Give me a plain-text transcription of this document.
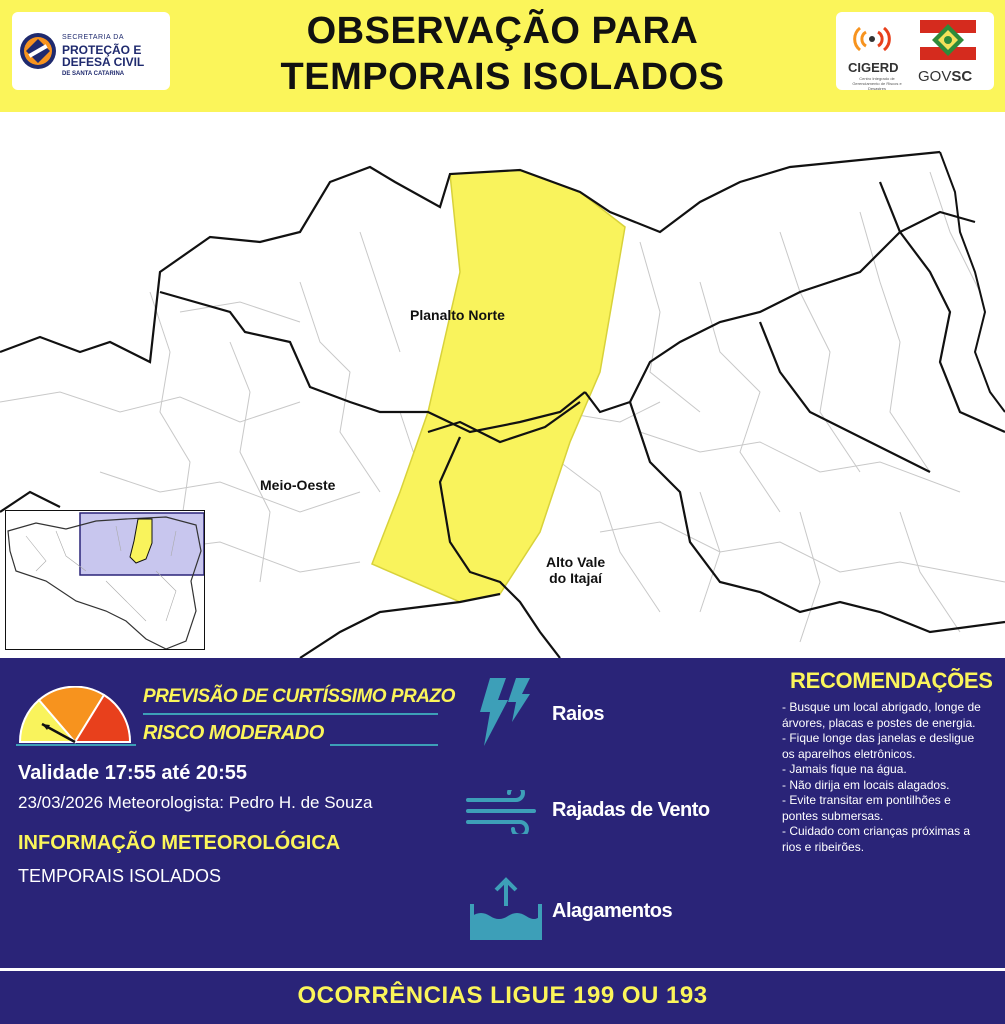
SECRETARIA DA
PROTEÇÃO E
DEFESA CIVIL
DE SANTA CATARINA
OBSERVAÇÃO PARA
TEMPORAIS ISOLADOS	CIGERD
Centro Integrado de Gerenciamento de Riscos e Desastres
GOVSC
Planalto Norte
Meio-Oeste
Alto Vale
do Itajaí
PREVISÃO DE CURTÍSSIMO PRAZO
RISCO MODERADO
Validade 17:55 até 20:55
23/03/2026 Meteorologista: Pedro H. de Souza
INFORMAÇÃO METEOROLÓGICA
TEMPORAIS ISOLADOS
Raios
Rajadas de Vento
Alagamentos
RECOMENDAÇÕES
- Busque um local abrigado, longe de árvores, placas e postes de energia.
- Fique longe das janelas e desligue os aparelhos eletrônicos.
- Jamais fique na água.
- Não dirija em locais alagados.
- Evite transitar em pontilhões e pontes submersas.
- Cuidado com crianças próximas a rios e ribeirões.
OCORRÊNCIAS LIGUE 199 OU 193
